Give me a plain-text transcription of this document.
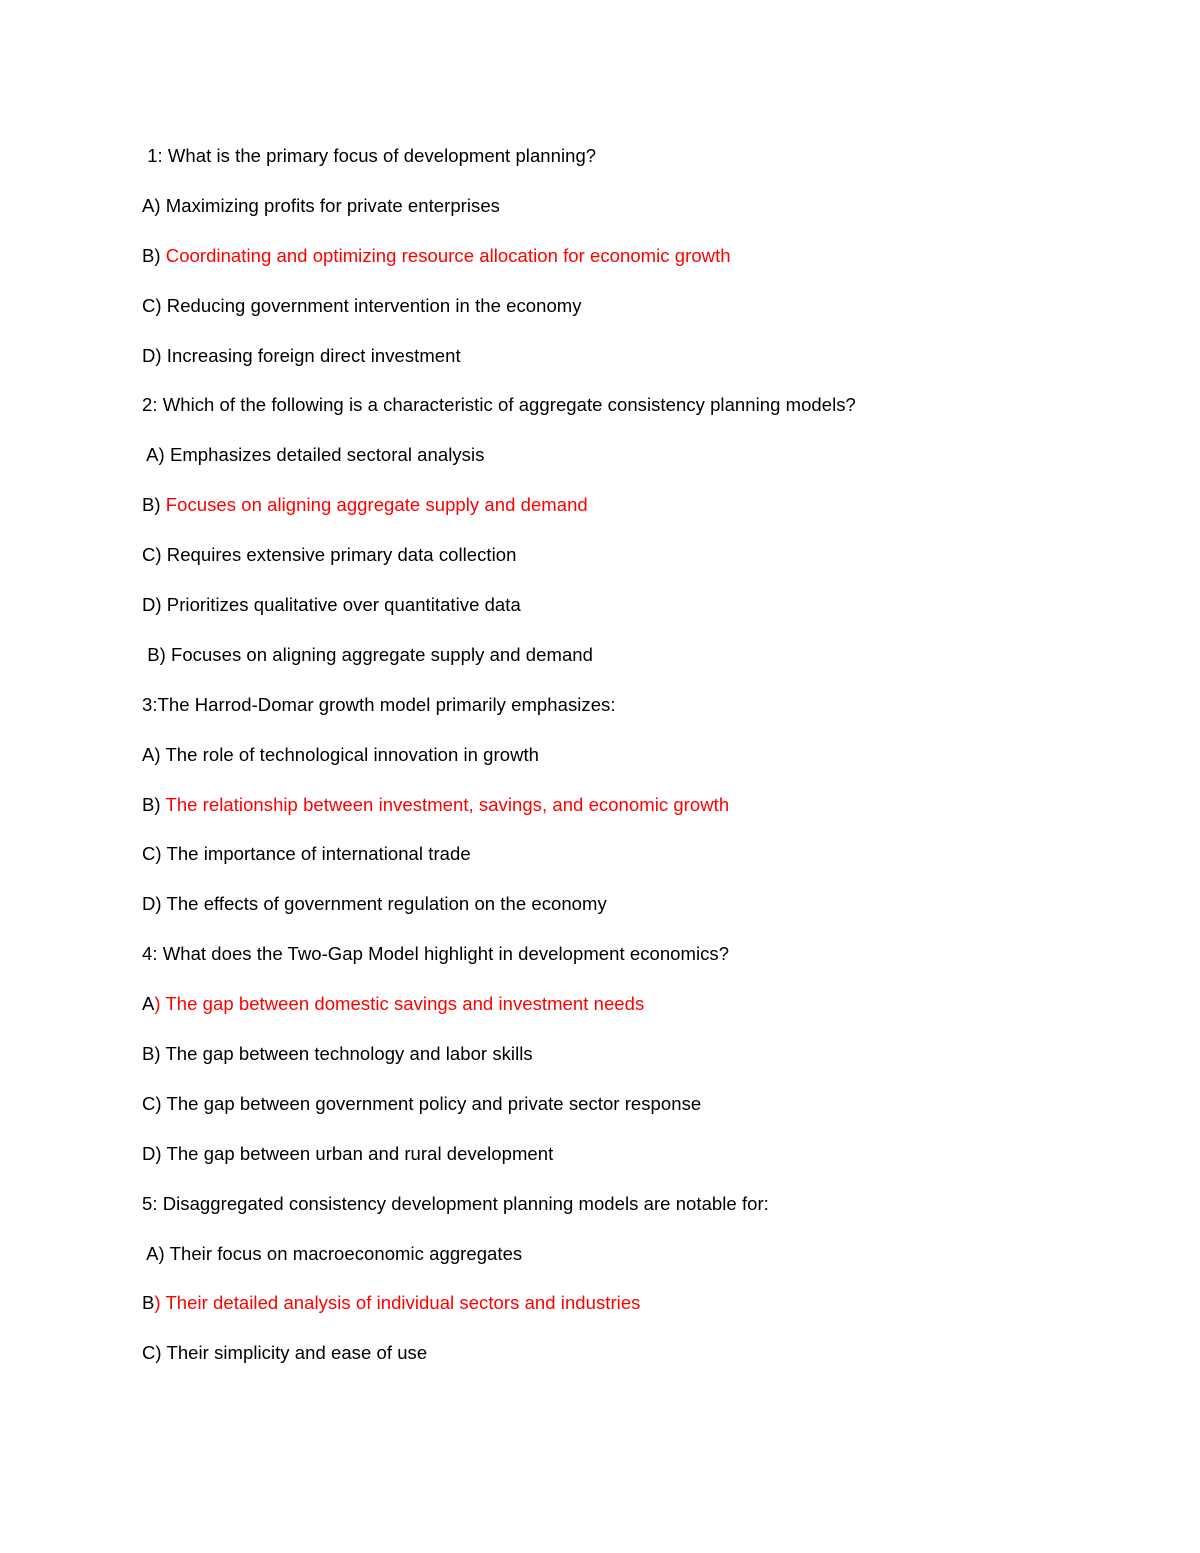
1: What is the primary focus of development planning?
A) Maximizing profits for private enterprises
B) Coordinating and optimizing resource allocation for economic growth
C) Reducing government intervention in the economy
D) Increasing foreign direct investment
2: Which of the following is a characteristic of aggregate consistency planning models?
A) Emphasizes detailed sectoral analysis
B) Focuses on aligning aggregate supply and demand
C) Requires extensive primary data collection
D) Prioritizes qualitative over quantitative data
B) Focuses on aligning aggregate supply and demand
3:The Harrod-Domar growth model primarily emphasizes:
A) The role of technological innovation in growth
B) The relationship between investment, savings, and economic growth
C) The importance of international trade
D) The effects of government regulation on the economy
4: What does the Two-Gap Model highlight in development economics?
A) The gap between domestic savings and investment needs
B) The gap between technology and labor skills
C) The gap between government policy and private sector response
D) The gap between urban and rural development
5: Disaggregated consistency development planning models are notable for:
A) Their focus on macroeconomic aggregates
B) Their detailed analysis of individual sectors and industries
C) Their simplicity and ease of use
